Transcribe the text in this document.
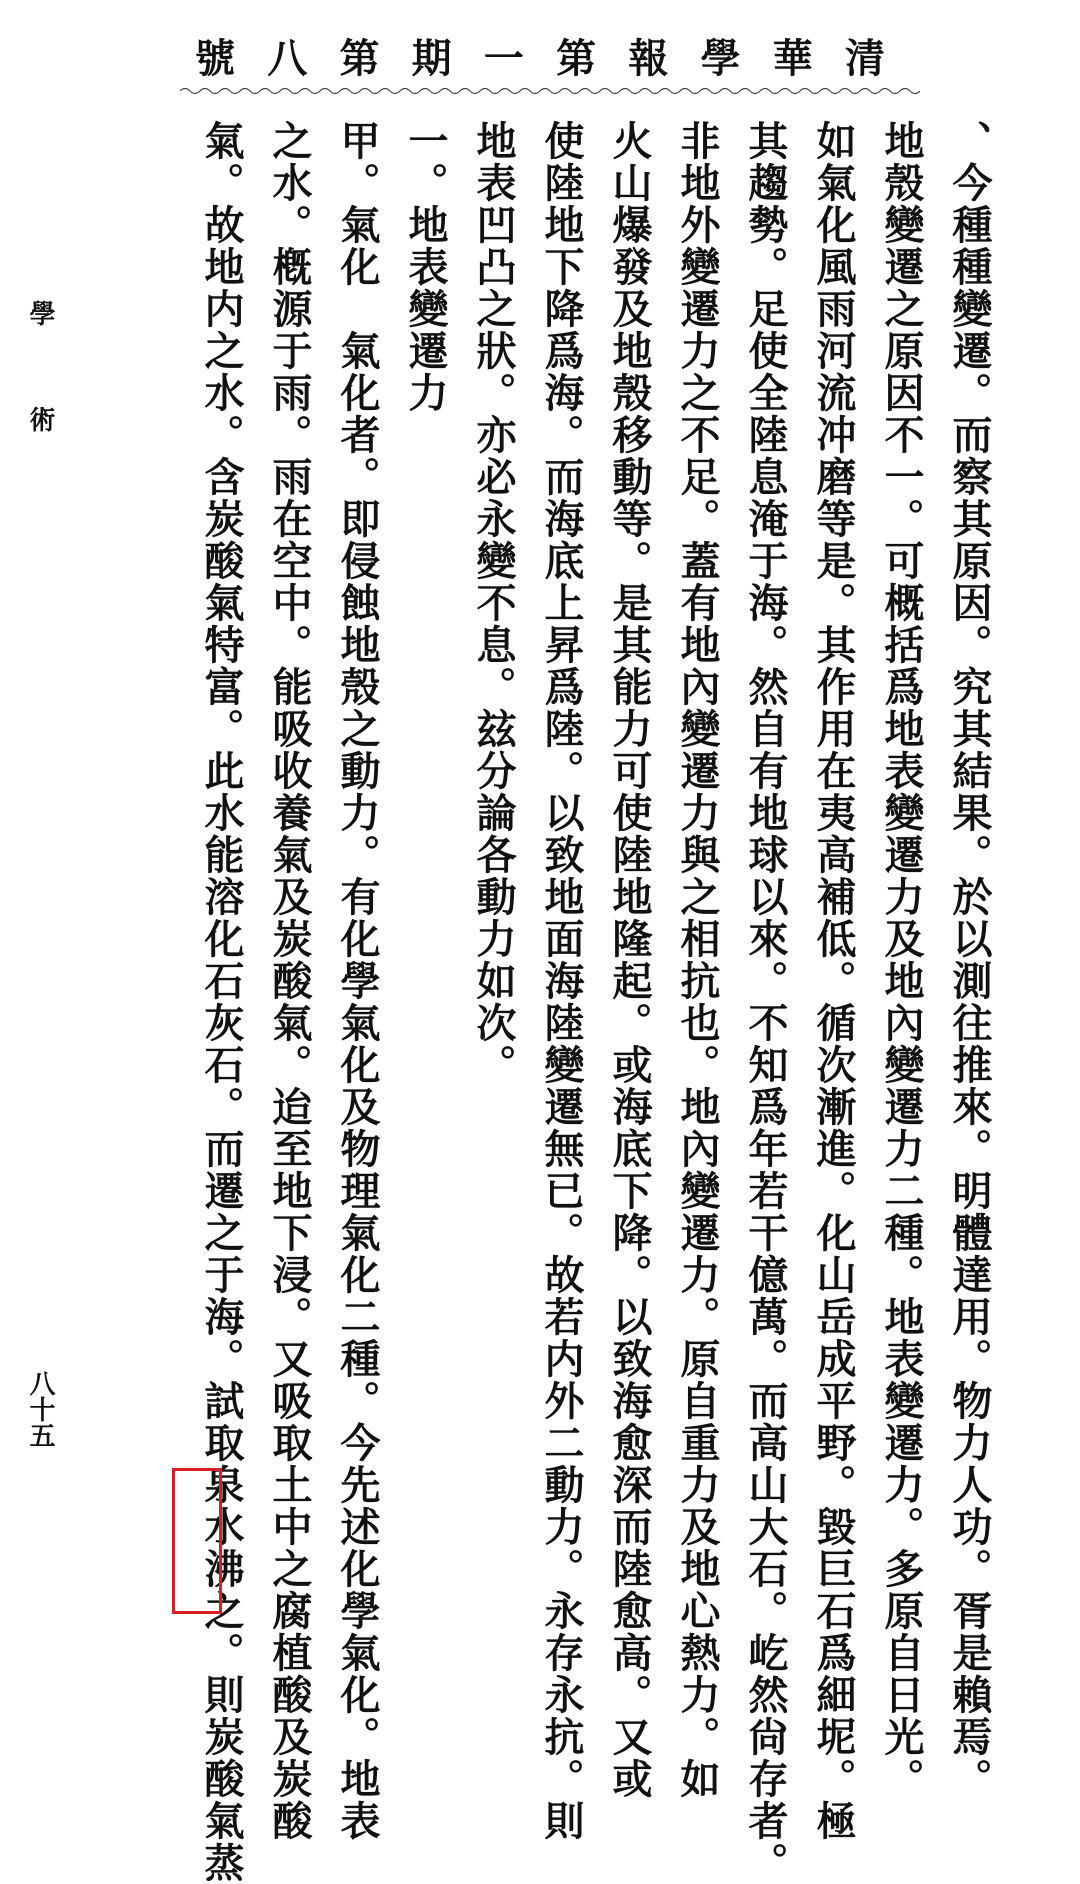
號 八 第 期 一 第 報 學 華 清
、今種種變遷。而察其原因。究其結果。於以測往推來。明體達用。物力人功。胥是賴焉。
地殼變遷之原因不一。可概括爲地表變遷力及地內變遷力二種。地表變遷力。多原自日光。
如氣化風雨河流冲磨等是。其作用在夷高補低。循次漸進。化山岳成平野。毀巨石爲細坭。極
其趨勢。足使全陸息淹于海。然自有地球以來。不知爲年若干億萬。而高山大石。屹然尙存者。
非地外變遷力之不足。蓋有地內變遷力與之相抗也。地內變遷力。原自重力及地心熱力。如
火山爆發及地殼移動等。是其能力可使陸地隆起。或海底下降。以致海愈深而陸愈高。又或
使陸地下降爲海。而海底上昇爲陸。以致地面海陸變遷無已。故若内外二動力。永存永抗。則
地表凹凸之狀。亦必永變不息。玆分論各動力如次。
一。地表變遷力
甲。氣化　氣化者。即侵蝕地殼之動力。有化學氣化及物理氣化二種。今先述化學氣化。地表
之水。槪源于雨。雨在空中。能吸收養氣及炭酸氣。迨至地下浸。又吸取土中之腐植酸及炭酸
氣。故地内之水。含炭酸氣特富。此水能溶化石灰石。而遷之于海。試取泉水沸之。則炭酸氣蒸
學術
八十五
